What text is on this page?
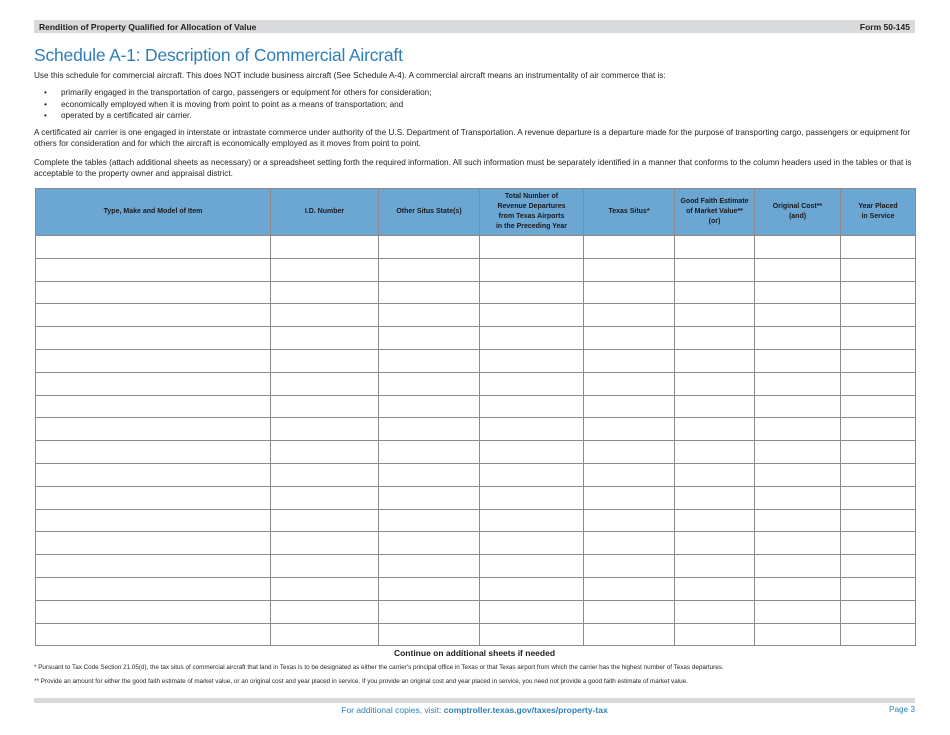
Rendition of Property Qualified for Allocation of Value	Form 50-145
Schedule A-1: Description of Commercial Aircraft

Use this schedule for commercial aircraft. This does NOT include business aircraft (See Schedule A-4). A commercial aircraft means an instrumentality of air commerce that is:

• primarily engaged in the transportation of cargo, passengers or equipment for others for consideration;
• economically employed when it is moving from point to point as a means of transportation; and
• operated by a certificated air carrier.

A certificated air carrier is one engaged in interstate or intrastate commerce under authority of the U.S. Department of Transportation. A revenue departure is a departure made for the purpose of transporting cargo, passengers or equipment for others for consideration and for which the aircraft is economically employed as it moves from point to point.

Complete the tables (attach additional sheets as necessary) or a spreadsheet setting forth the required information. All such information must be separately identified in a manner that conforms to the column headers used in the tables or that is acceptable to the property owner and appraisal district.

Type, Make and Model of Item	I.D. Number	Other Situs State(s)	Total Number of
Revenue Departures
from Texas Airports
in the Preceding Year	Texas Situs*	Good Faith Estimate
of Market Value**
(or)	Original Cost**
(and)	Year Placed
in Service

Continue on additional sheets if needed
* Pursuant to Tax Code Section 21.05(d), the tax situs of commercial aircraft that land in Texas is to be designated as either the carrier's principal office in Texas or that Texas airport from which the carrier has the highest number of Texas departures.
** Provide an amount for either the good faith estimate of market value, or an original cost and year placed in service. If you provide an original cost and year placed in service, you need not provide a good faith estimate of market value.
For additional copies, visit: comptroller.texas.gov/taxes/property-tax	Page 3
